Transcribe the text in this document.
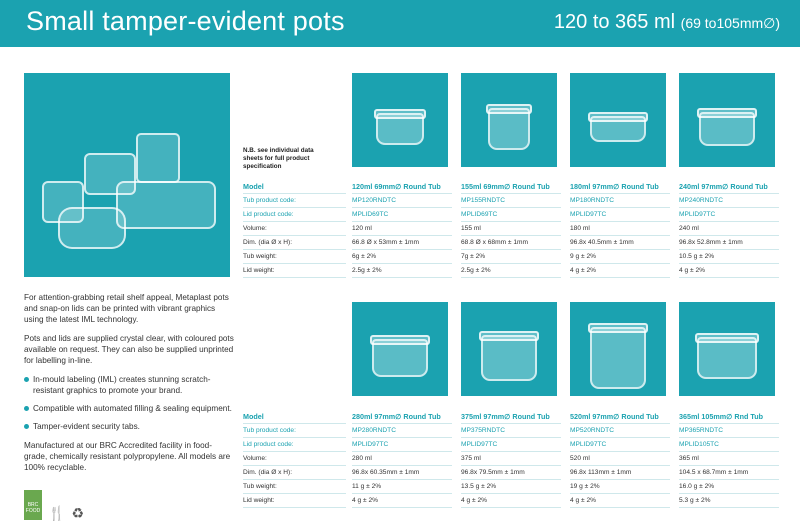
Small tamper-evident pots	120 to 365 ml (69 to105mm∅)

For attention-grabbing retail shelf appeal, Metaplast pots and snap-on lids can be printed with vibrant graphics using the latest IML technology.

Pots and lids are supplied crystal clear, with coloured pots available on request. They can also be supplied unprinted for labelling in-line.

In-mould labeling (IML) creates stunning scratch-resistant graphics to promote your brand.
Compatible with automated filling & sealing equipment.
Tamper-evident security tabs.

Manufactured at our BRC Accredited facility in food-grade, chemically resistant polypropylene. All models are 100% recyclable.

BRC
FOOD 🍴 ♻
N.B. see individual data sheets for full product specification
Model
Tub product code:
Lid product code:
Volume:
Dim. (dia Ø x H):
Tub weight:
Lid weight:
120ml 69mm∅ Round Tub
MP120RNDTC
MPLID69TC
120 ml
66.8 Ø x 53mm ± 1mm
6g ± 2%
2.5g ± 2%
155ml 69mm∅ Round Tub
MP155RNDTC
MPLID69TC
155 ml
68.8 Ø x 68mm ± 1mm
7g ± 2%
2.5g ± 2%
180ml 97mm∅ Round Tub
MP180RNDTC
MPLID97TC
180 ml
96.8x 40.5mm ± 1mm
9 g ± 2%
4 g ± 2%
240ml 97mm∅ Round Tub
MP240RNDTC
MPLID97TC
240 ml
96.8x 52.8mm ± 1mm
10.5 g ± 2%
4 g ± 2%
Model
Tub product code:
Lid product code:
Volume:
Dim. (dia Ø x H):
Tub weight:
Lid weight:
280ml 97mm∅ Round Tub
MP280RNDTC
MPLID97TC
280 ml
96.8x 60.35mm ± 1mm
11 g ± 2%
4 g ± 2%
375ml 97mm∅ Round Tub
MP375RNDTC
MPLID97TC
375 ml
96.8x 79.5mm ± 1mm
13.5 g ± 2%
4 g ± 2%
520ml 97mm∅ Round Tub
MP520RNDTC
MPLID97TC
520 ml
96.8x 113mm ± 1mm
19 g ± 2%
4 g ± 2%
365ml 105mm∅ Rnd Tub
MP365RNDTC
MPLID105TC
365 ml
104.5 x 68.7mm ± 1mm
16.0 g ± 2%
5.3 g ± 2%
